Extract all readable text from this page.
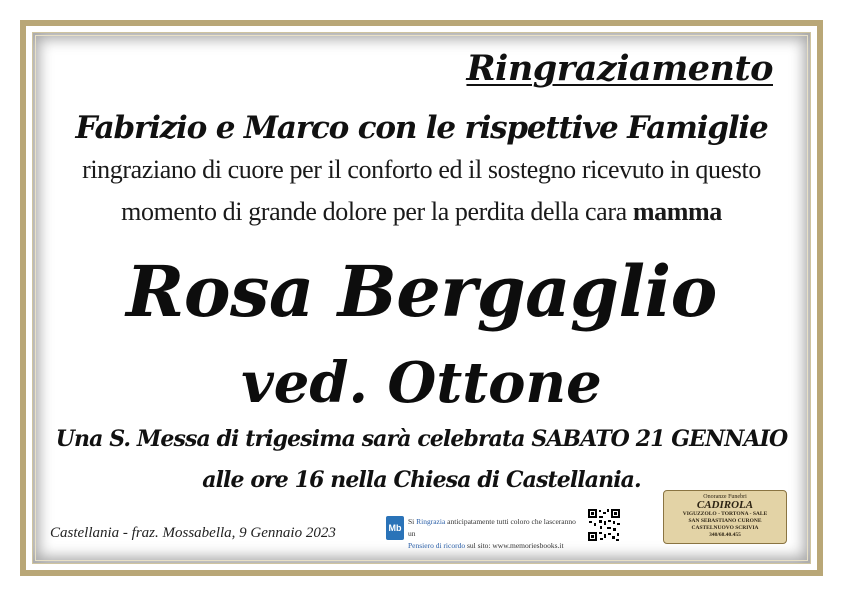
Ringraziamento
Fabrizio e Marco con le rispettive Famiglie
ringraziano di cuore per il conforto ed il sostegno ricevuto in questo
momento di grande dolore per la perdita della cara mamma
Rosa Bergaglio
ved. Ottone
Una S. Messa di trigesima sarà celebrata SABATO 21 GENNAIO
alle ore 16 nella Chiesa di Castellania.
Castellania - fraz. Mossabella, 9 Gennaio 2023	Mb
Si Ringrazia anticipatamente tutti coloro che lasceranno un
Pensiero di ricordo sul sito: www.memoriesbooks.it
Onoranze Funebri
CADIROLA
VIGUZZOLO - TORTONA - SALE
SAN SEBASTIANO CURONE
CASTELNUOVO SCRIVIA
340/68.40.455
